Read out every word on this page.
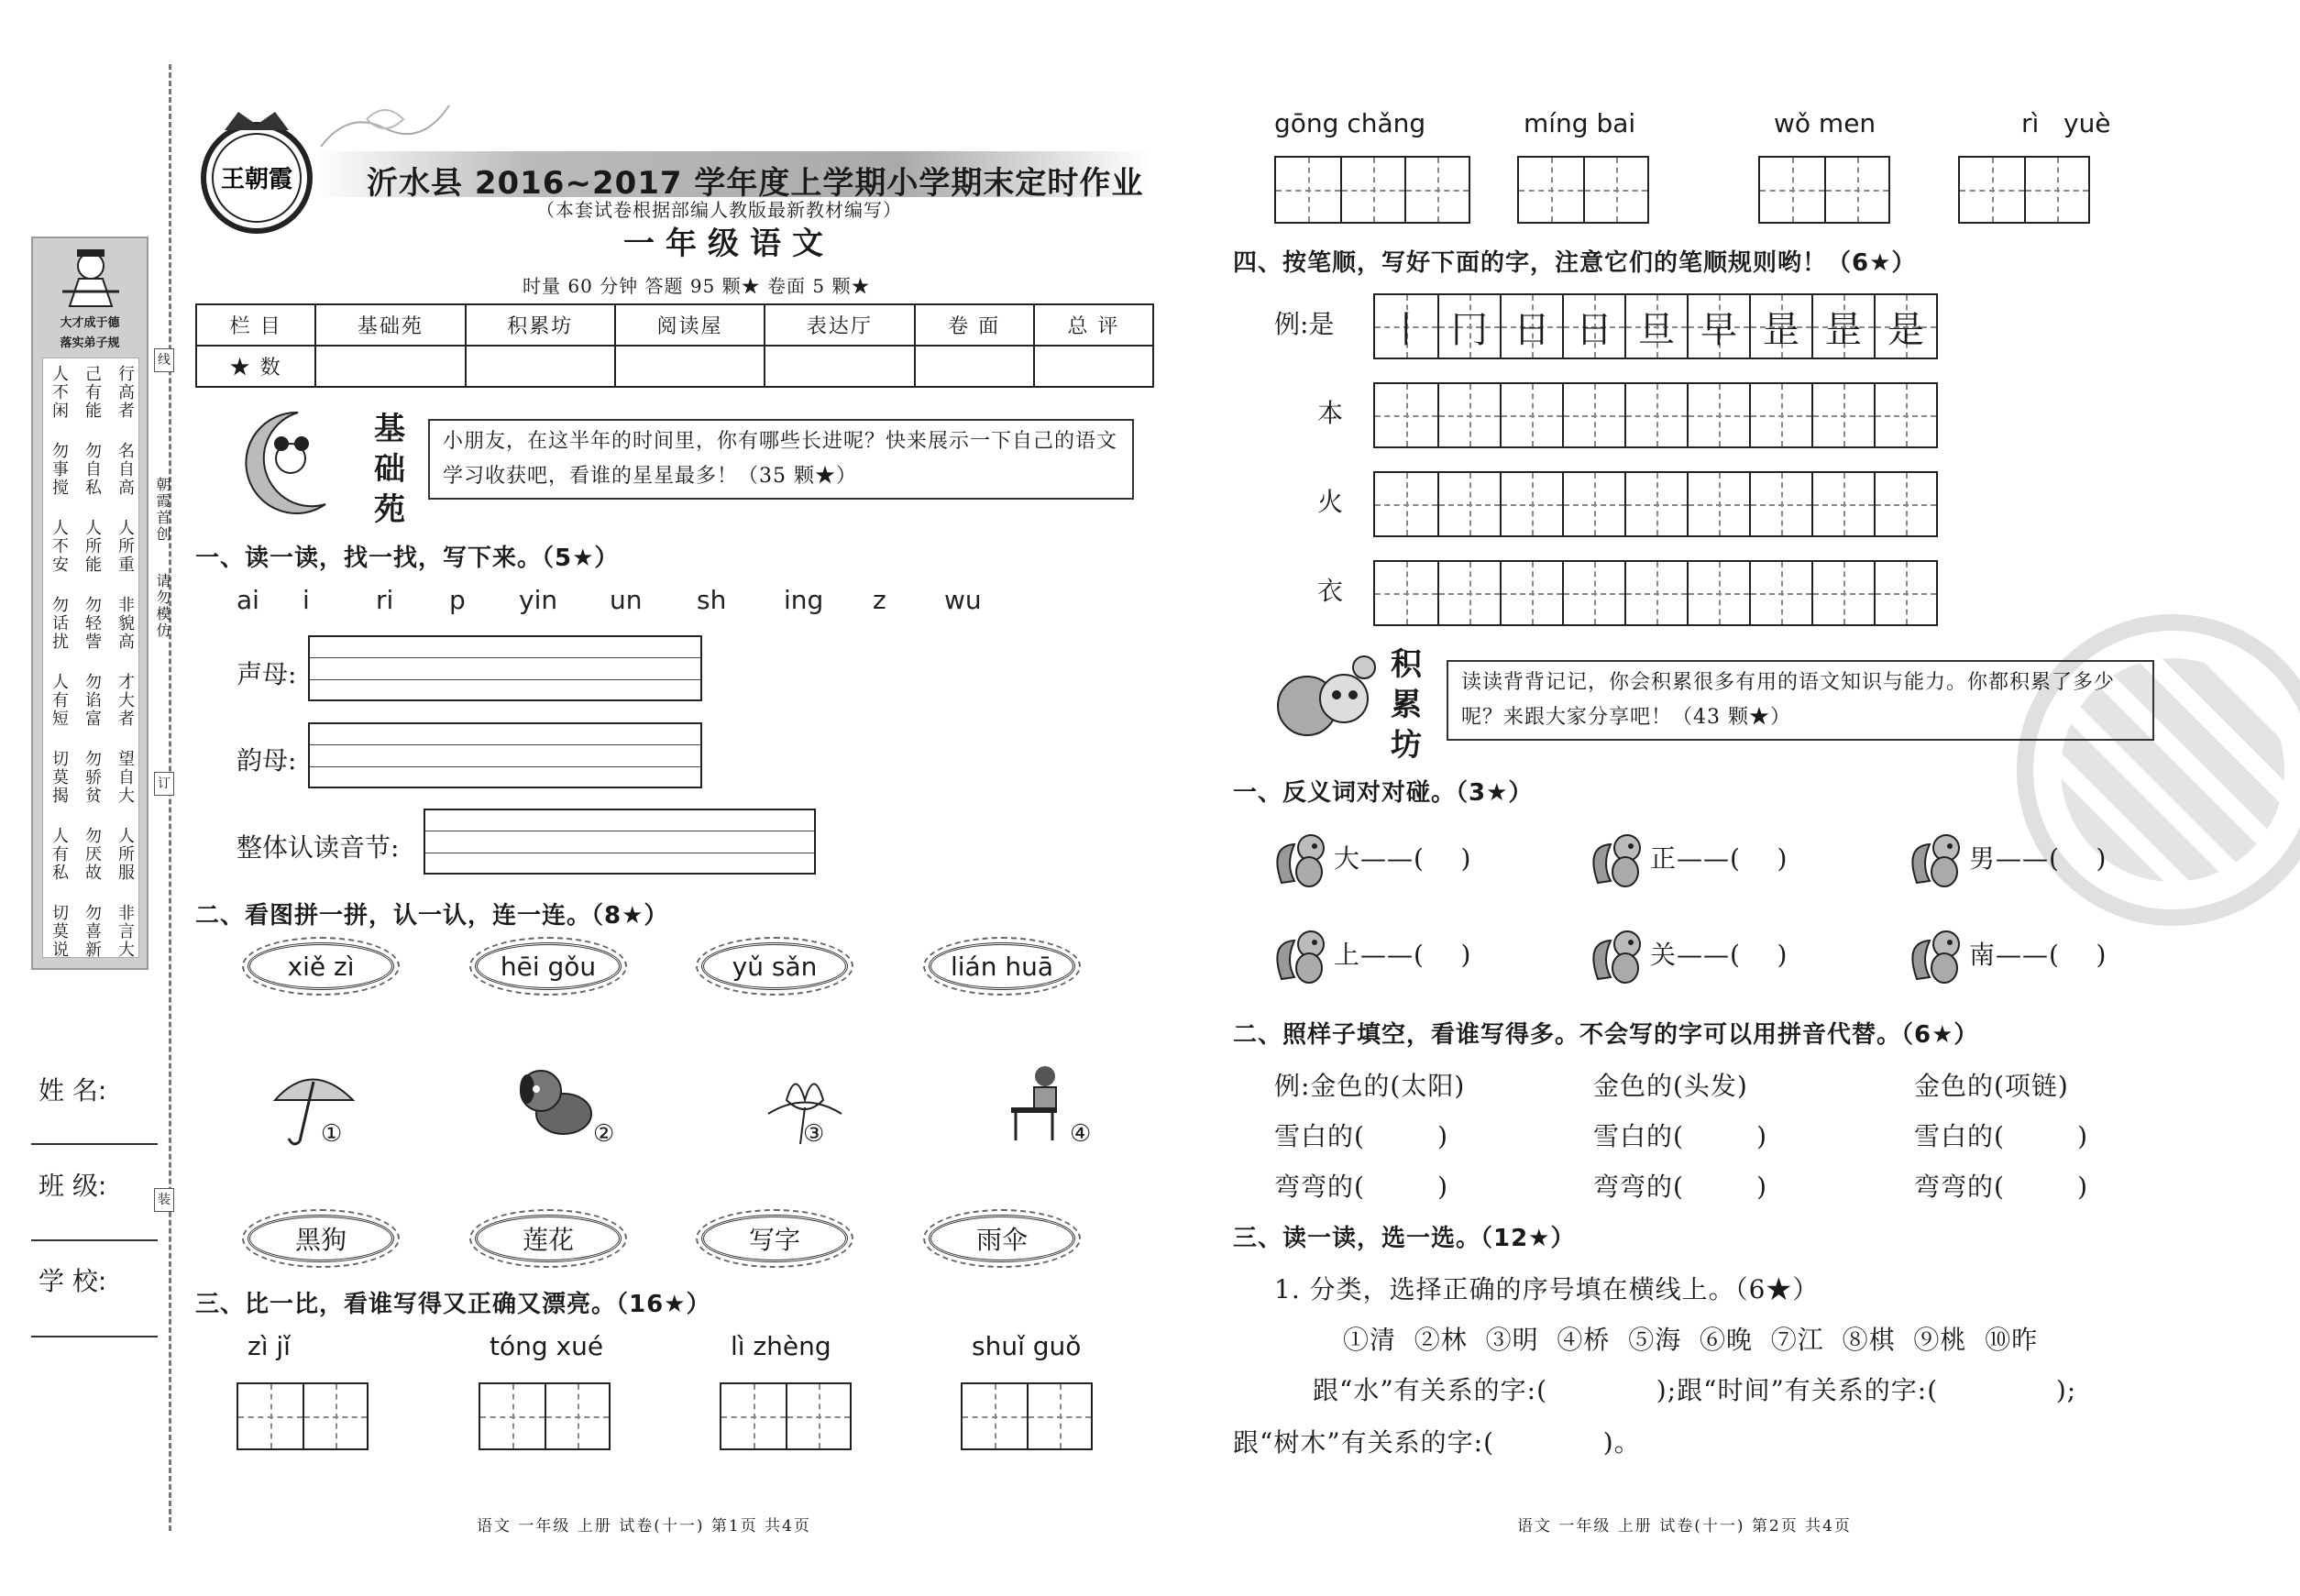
大才成于德
落实弟子规
人不闲 己有能 行高者
勿事搅 勿自私 名自高
人不安 人所能 人所重
勿话扰 勿轻訾 非貌高
人有短 勿谄富 才大者
切莫揭 勿骄贫 望自大
人有私 勿厌故 人所服
切莫说 勿喜新 非言大
朝霞首创
请勿模仿
线
订
装
姓 名:
班 级:
学 校:
王朝霞 沂水县 2016~2017 学年度上学期小学期末定时作业
（本套试卷根据部编人教版最新教材编写）
一年级语文
时量 60 分钟 答题 95 颗★ 卷面 5 颗★
栏 目	基础苑	积累坊	阅读屋	表达厅	卷 面	总 评
★ 数						
基
础
苑
小朋友，在这半年的时间里，你有哪些长进呢？快来展示一下自己的语文学习收获吧，看谁的星星最多！（35 颗★）
一、读一读，找一找，写下来。（5★）
ai i	ri p yin un sh ing z wu
声母:
韵母:
整体认读音节:
二、看图拼一拼，认一认，连一连。（8★）
xiě zì	hēi gǒu	yǔ sǎn	lián huā
①	②	③	④
黑狗	莲花	写字	雨伞
三、比一比，看谁写得又正确又漂亮。（16★）
zì jǐ	tóng xué	lì zhèng	shuǐ guǒ
语文 一年级 上册 试卷(十一) 第1页 共4页
gōng chǎng	míng bai	wǒ men	rì   yuè
四、按笔顺，写好下面的字，注意它们的笔顺规则哟！（6★）
例:是	丨 冂 日 日 旦 早 昰 昰 是
本
火
衣
积
累
坊
读读背背记记，你会积累很多有用的语文知识与能力。你都积累了多少呢？来跟大家分享吧！（43 颗★）
一、反义词对对碰。（3★）
大——(    )	正——(    )	男——(    )
上——(    )	关——(    )	南——(    )
二、照样子填空，看谁写得多。不会写的字可以用拼音代替。（6★）
例:金色的(太阳)	金色的(头发)	金色的(项链)
雪白的(        )	雪白的(        )	雪白的(        )
弯弯的(        )	弯弯的(        )	弯弯的(        )
三、读一读，选一选。（12★）
1. 分类，选择正确的序号填在横线上。（6★）
①清  ②林  ③明  ④桥  ⑤海  ⑥晚  ⑦江  ⑧棋  ⑨桃  ⑩昨
跟“水”有关系的字:(            );跟“时间”有关系的字:(             );
跟“树木”有关系的字:(            )。
语文 一年级 上册 试卷(十一) 第2页 共4页
